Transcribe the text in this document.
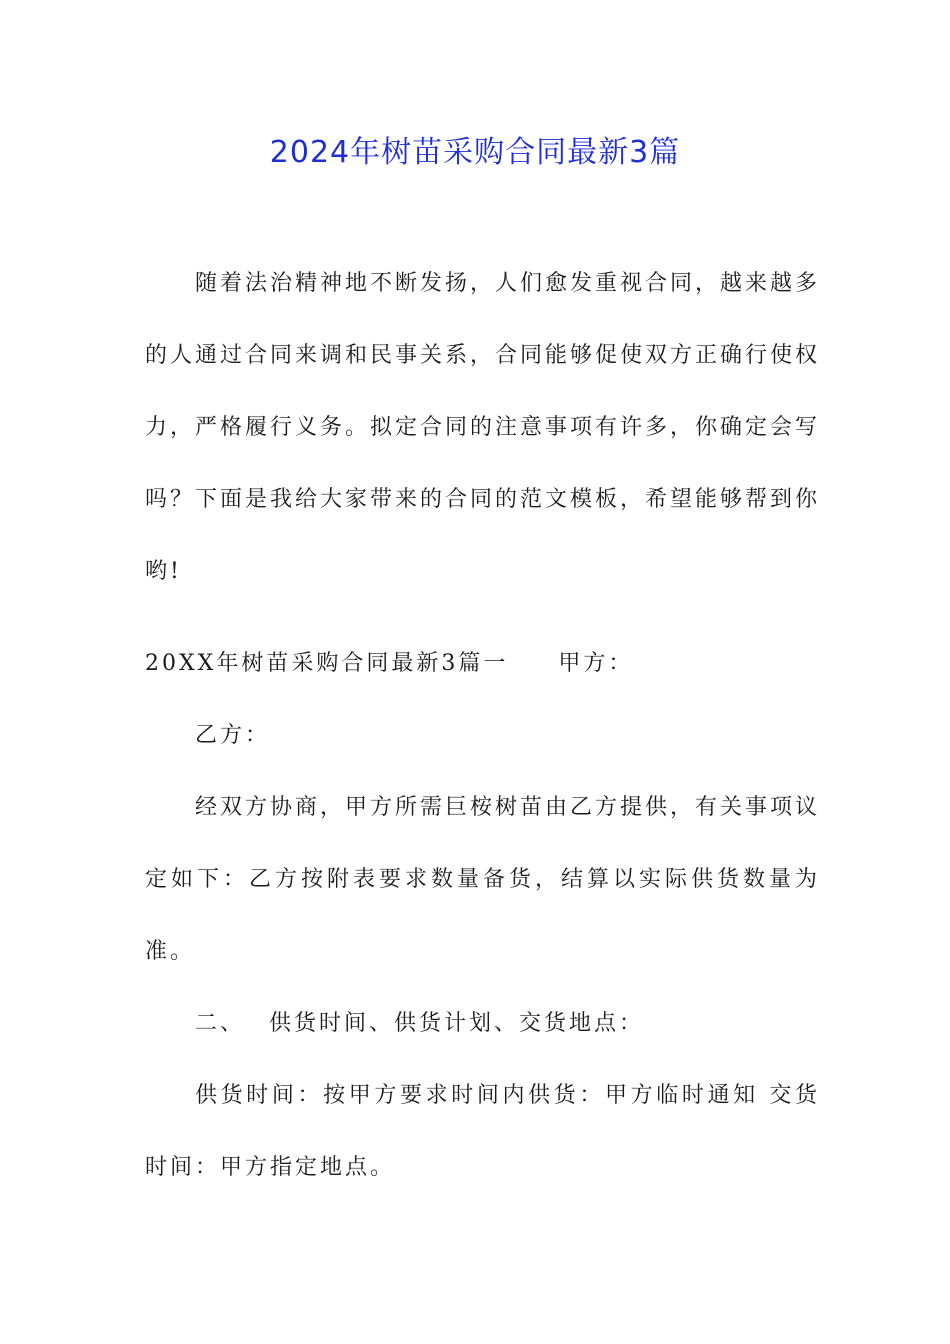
2024年树苗采购合同最新3篇

随着法治精神地不断发扬，人们愈发重视合同，越来越多的人通过合同来调和民事关系，合同能够促使双方正确行使权力，严格履行义务。拟定合同的注意事项有许多，你确定会写吗？下面是我给大家带来的合同的范文模板，希望能够帮到你哟!

20XX年树苗采购合同最新3篇一 甲方：

乙方：

经双方协商，甲方所需巨桉树苗由乙方提供，有关事项议定如下：乙方按附表要求数量备货，结算以实际供货数量为准。

二、 供货时间、供货计划、交货地点：

供货时间：按甲方要求时间内供货：甲方临时通知 交货时间：甲方指定地点。
